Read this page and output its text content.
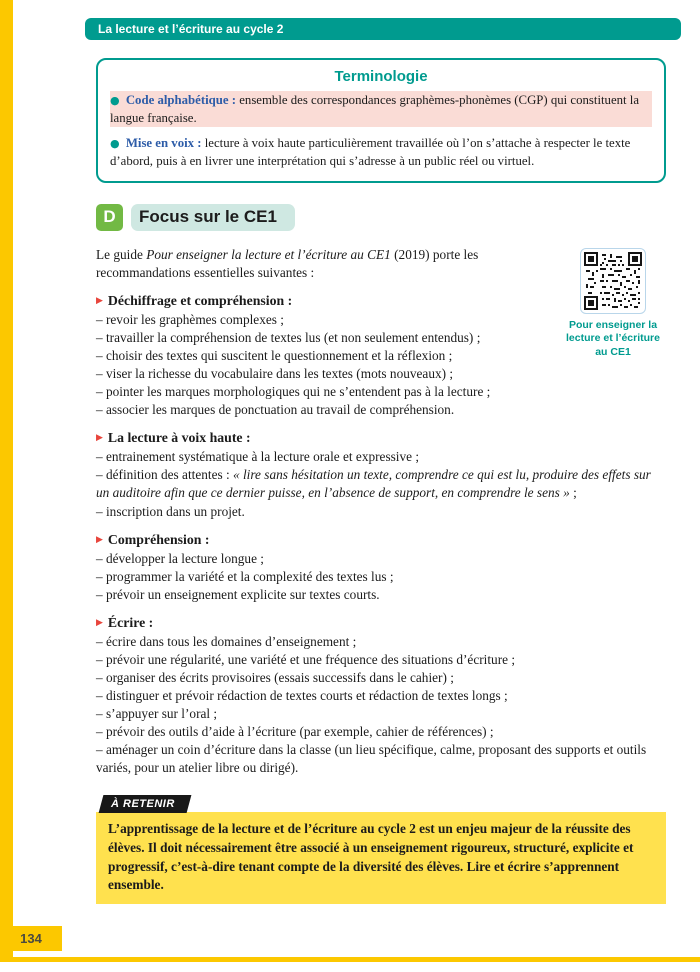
La lecture et l’écriture au cycle 2
Terminologie

● Code alphabétique : ensemble des correspondances graphèmes-phonèmes (CGP) qui constituent la langue française.

● Mise en voix : lecture à voix haute particulièrement travaillée où l’on s’attache à respecter le texte d’abord, puis à en livrer une interprétation qui s’adresse à un public réel ou virtuel.

D	Focus sur le CE1
Pour enseigner la lecture et l’écriture au CE1

Le guide Pour enseigner la lecture et l’écriture au CE1 (2019) porte les recommandations essentielles suivantes :

▶ Déchiffrage et compréhension :

– revoir les graphèmes complexes ;

– travailler la compréhension de textes lus (et non seulement entendus) ;

– choisir des textes qui suscitent le questionnement et la réflexion ;

– viser la richesse du vocabulaire dans les textes (mots nouveaux) ;

– pointer les marques morphologiques qui ne s’entendent pas à la lecture ;

– associer les marques de ponctuation au travail de compréhension.

▶ La lecture à voix haute :

– entrainement systématique à la lecture orale et expressive ;

– définition des attentes : « lire sans hésitation un texte, comprendre ce qui est lu, produire des effets sur un auditoire afin que ce dernier puisse, en l’absence de support, en comprendre le sens » ;

– inscription dans un projet.

▶ Compréhension :

– développer la lecture longue ;

– programmer la variété et la complexité des textes lus ;

– prévoir un enseignement explicite sur textes courts.

▶ Écrire :

– écrire dans tous les domaines d’enseignement ;

– prévoir une régularité, une variété et une fréquence des situations d’écriture ;

– organiser des écrits provisoires (essais successifs dans le cahier) ;

– distinguer et prévoir rédaction de textes courts et rédaction de textes longs ;

– s’appuyer sur l’oral ;

– prévoir des outils d’aide à l’écriture (par exemple, cahier de références) ;

– aménager un coin d’écriture dans la classe (un lieu spécifique, calme, proposant des supports et outils variés, pour un atelier libre ou dirigé).

À RETENIR
L’apprentissage de la lecture et de l’écriture au cycle 2 est un enjeu majeur de la réussite des élèves. Il doit nécessairement être associé à un enseignement rigoureux, structuré, explicite et progressif, c’est-à-dire tenant compte de la diversité des élèves. Lire et écrire s’apprennent ensemble.
134
